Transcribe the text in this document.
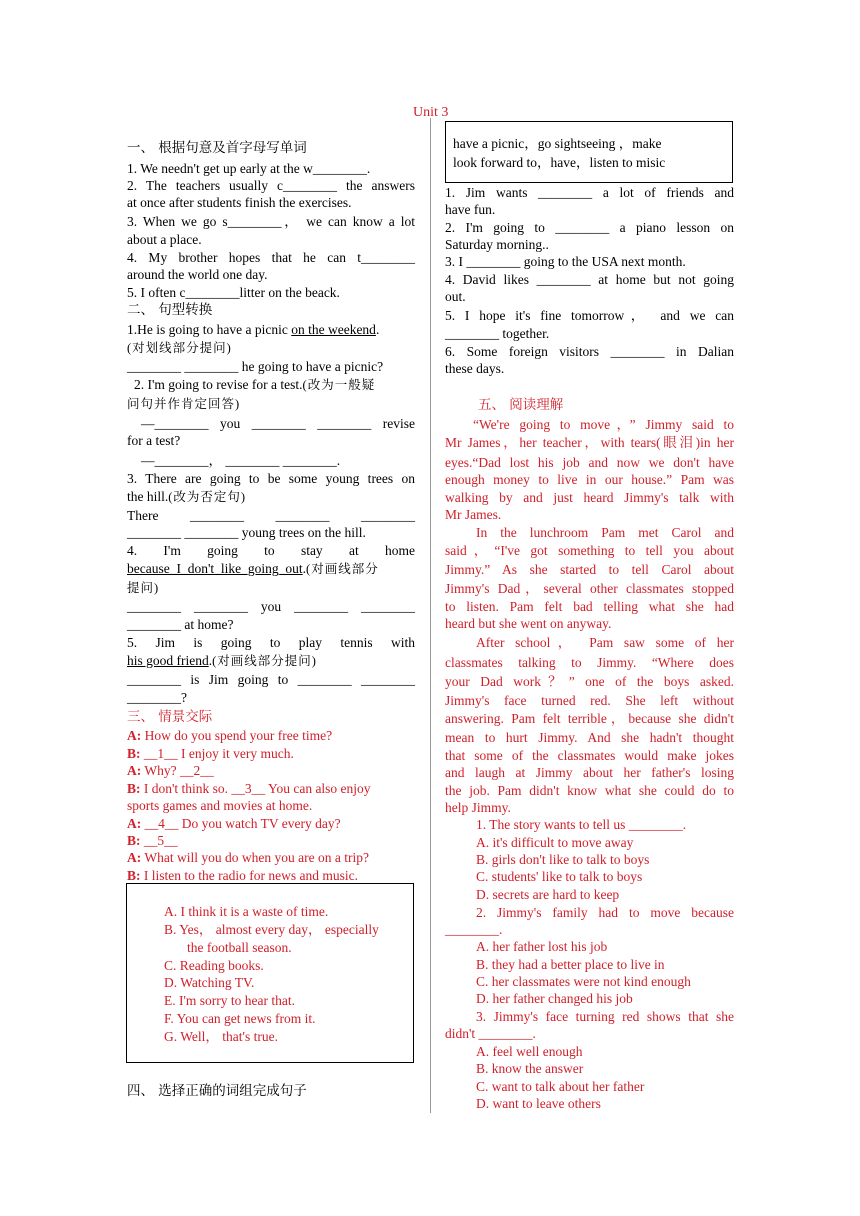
Unit 3
一、 根据句意及首字母写单词
1. We needn't get up early at the w________.
2. The teachers usually c________ the answers
at once after students finish the exercises.
3. When we go s________， we can know a lot
about a place.
4. My brother hopes that he can t________
around the world one day.
5. I often c________litter on the beack.
二、 句型转换
1.He is going to have a picnic on the weekend.
(对划线部分提问)
________ ________ he going to have a picnic?
2. I'm going to revise for a test.(改为一般疑
问句并作肯定回答)
—________ you ________ ________ revise
for a test?
—________， ________ ________.
3. There are going to be some young trees on
the hill.(改为否定句)
There ________ ________ ________
________ ________ young trees on the hill.
4. I'm going to stay at home
because_I_don't_like_going_out.(对画线部分
提问)
________ ________ you ________ ________
________ at home?
5. Jim is going to play tennis with
his good friend.(对画线部分提问)
________ is Jim going to ________ ________
________?
三、 情景交际
A: How do you spend your free time?
B: __1__ I enjoy it very much.
A: Why? __2__
B: I don't think so. __3__ You can also enjoy
sports games and movies at home.
A: __4__ Do you watch TV every day?
B: __5__
A: What will you do when you are on a trip?
B: I listen to the radio for news and music.
四、 选择正确的词组完成句子
A. I think it is a waste of time.
B. Yes， almost every day， especially
the football season.
C. Reading books.
D. Watching TV.
E. I'm sorry to hear that.
F. You can get news from it.
G. Well， that's true.
have a picnic，go sightseeing ，make
look forward to，have，listen to misic
1. Jim wants ________ a lot of friends and
have fun.
2. I'm going to ________ a piano lesson on
Saturday morning..
3. I ________ going to the USA next month.
4. David likes ________ at home but not going
out.
5. I hope it's fine tomorrow， and we can
________ together.
6. Some foreign visitors ________ in Dalian
these days.
五、 阅读理解
“We're going to move，” Jimmy said to
Mr James，her teacher，with tears(眼泪)in her
eyes.“Dad lost his job and now we don't have
enough money to live in our house.” Pam was
walking by and just heard Jimmy's talk with
Mr James.
In the lunchroom Pam met Carol and
said，“I've got something to tell you about
Jimmy.” As she started to tell Carol about
Jimmy's Dad，several other classmates stopped
to listen. Pam felt bad telling what she had
heard but she went on anyway.
After school， Pam saw some of her
classmates talking to Jimmy. “Where does
your Dad work？” one of the boys asked.
Jimmy's face turned red. She left without
answering. Pam felt terrible，because she didn't
mean to hurt Jimmy. And she hadn't thought
that some of the classmates would make jokes
and laugh at Jimmy about her father's losing
the job. Pam didn't know what she could do to
help Jimmy.
1. The story wants to tell us ________.
A. it's difficult to move away
B. girls don't like to talk to boys
C. students' like to talk to boys
D. secrets are hard to keep
2. Jimmy's family had to move because
________.
A. her father lost his job
B. they had a better place to live in
C. her classmates were not kind enough
D. her father changed his job
3. Jimmy's face turning red shows that she
didn't ________.
A. feel well enough
B. know the answer
C. want to talk about her father
D. want to leave others
